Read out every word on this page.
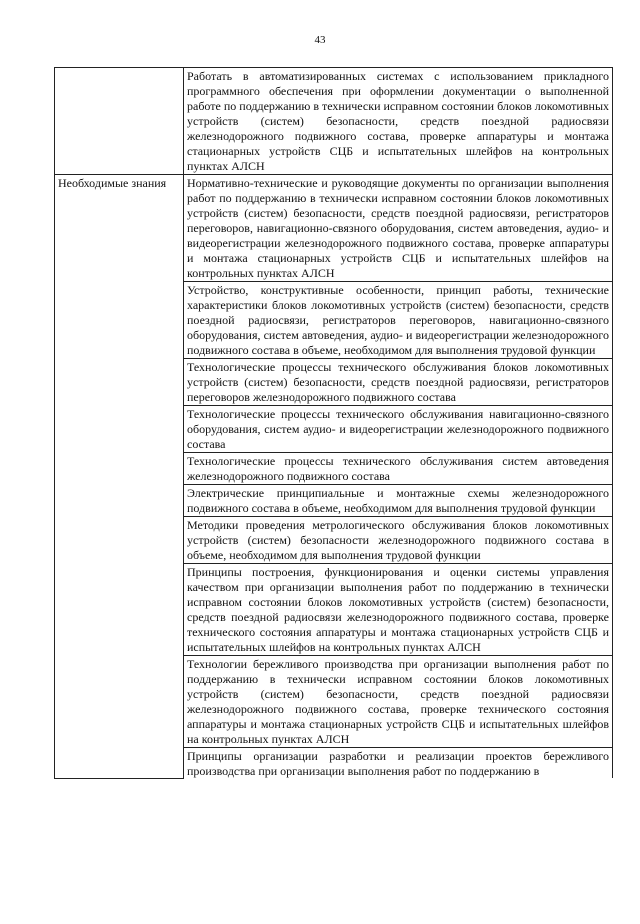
43
	Работать в автоматизированных системах с использованием прикладного программного обеспечения при оформлении документации о выполненной работе по поддержанию в технически исправном состоянии блоков локомотивных устройств (систем) безопасности, средств поездной радиосвязи железнодорожного подвижного состава, проверке аппаратуры и монтажа стационарных устройств СЦБ и испытательных шлейфов на контрольных пунктах АЛСН
Необходимые знания	Нормативно-технические и руководящие документы по организации выполнения работ по поддержанию в технически исправном состоянии блоков локомотивных устройств (систем) безопасности, средств поездной радиосвязи, регистраторов переговоров, навигационно-связного оборудования, систем автоведения, аудио- и видеорегистрации железнодорожного подвижного состава, проверке аппаратуры и монтажа стационарных устройств СЦБ и испытательных шлейфов на контрольных пунктах АЛСН
	Устройство, конструктивные особенности, принцип работы, технические характеристики блоков локомотивных устройств (систем) безопасности, средств поездной радиосвязи, регистраторов переговоров, навигационно-связного оборудования, систем автоведения, аудио- и видеорегистрации железнодорожного подвижного состава в объеме, необходимом для выполнения трудовой функции
	Технологические процессы технического обслуживания блоков локомотивных устройств (систем) безопасности, средств поездной радиосвязи, регистраторов переговоров железнодорожного подвижного состава
	Технологические процессы технического обслуживания навигационно-связного оборудования, систем аудио- и видеорегистрации железнодорожного подвижного состава
	Технологические процессы технического обслуживания систем автоведения железнодорожного подвижного состава
	Электрические принципиальные и монтажные схемы железнодорожного подвижного состава в объеме, необходимом для выполнения трудовой функции
	Методики проведения метрологического обслуживания блоков локомотивных устройств (систем) безопасности железнодорожного подвижного состава в объеме, необходимом для выполнения трудовой функции
	Принципы построения, функционирования и оценки системы управления качеством при организации выполнения работ по поддержанию в технически исправном состоянии блоков локомотивных устройств (систем) безопасности, средств поездной радиосвязи железнодорожного подвижного состава, проверке технического состояния аппаратуры и монтажа стационарных устройств СЦБ и испытательных шлейфов на контрольных пунктах АЛСН
	Технологии бережливого производства при организации выполнения работ по поддержанию в технически исправном состоянии блоков локомотивных устройств (систем) безопасности, средств поездной радиосвязи железнодорожного подвижного состава, проверке технического состояния аппаратуры и монтажа стационарных устройств СЦБ и испытательных шлейфов на контрольных пунктах АЛСН

	Принципы организации разработки и реализации проектов бережливого производства при организации выполнения работ по поддержанию в
